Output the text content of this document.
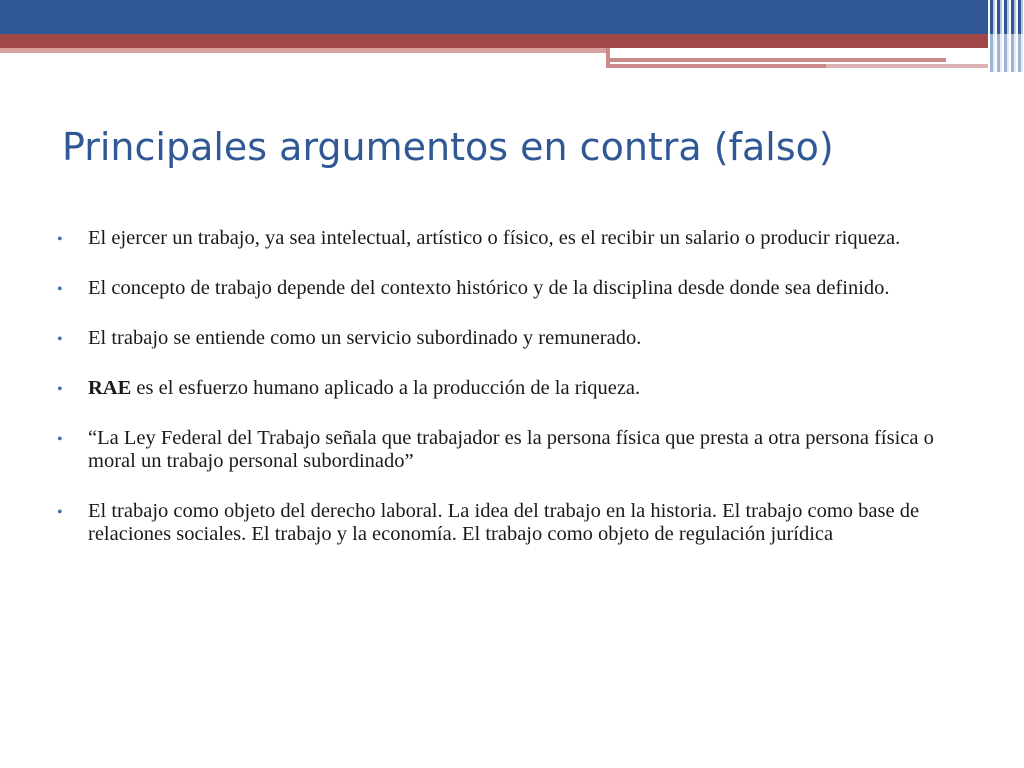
Principales argumentos en contra (falso)
•	El ejercer un trabajo, ya sea intelectual, artístico o físico, es el recibir un salario o producir riqueza.
•	El concepto de trabajo depende del contexto histórico y de la disciplina desde donde sea definido.
•	El trabajo se entiende como un servicio subordinado y remunerado.
•	RAE es el esfuerzo humano aplicado a la producción de la riqueza.
•	“La Ley Federal del Trabajo señala que trabajador es la persona física que presta a otra persona física o moral un trabajo personal subordinado”
•	El trabajo como objeto del derecho laboral. La idea del trabajo en la historia. El trabajo como base de relaciones sociales. El trabajo y la economía. El trabajo como objeto de regulación jurídica
